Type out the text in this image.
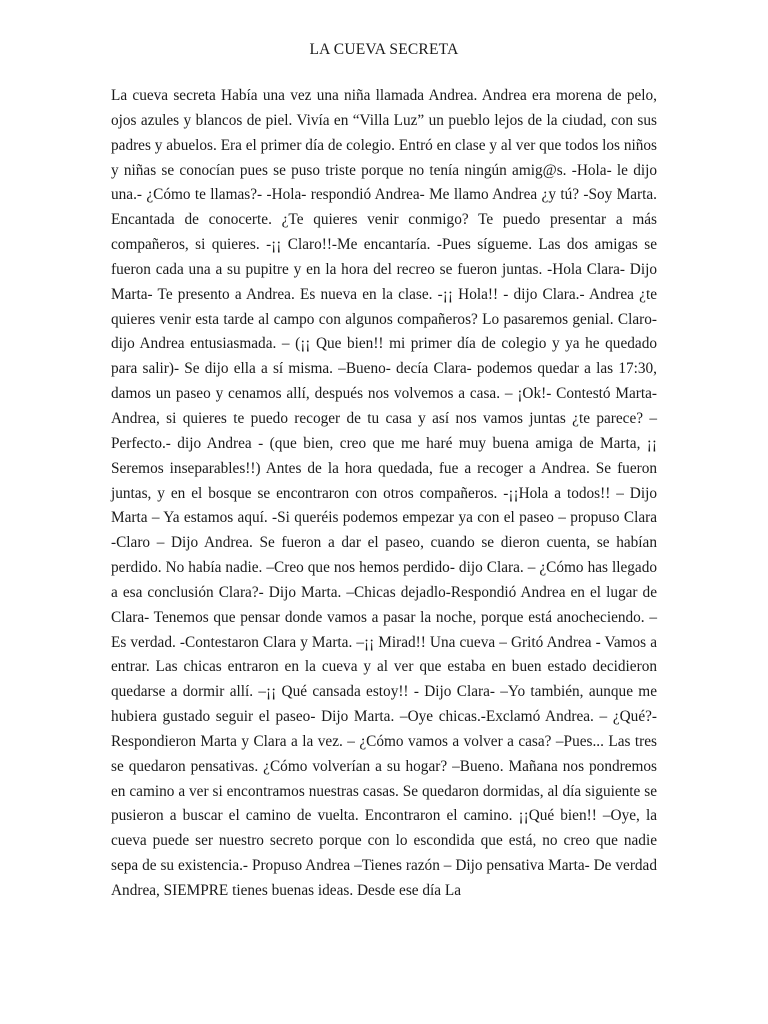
LA CUEVA SECRETA

La cueva secreta Había una vez una niña llamada Andrea. Andrea era morena de pelo, ojos azules y blancos de piel. Vivía en “Villa Luz” un pueblo lejos de la ciudad, con sus padres y abuelos. Era el primer día de colegio. Entró en clase y al ver que todos los niños y niñas se conocían pues se puso triste porque no tenía ningún amig@s. -Hola- le dijo una.- ¿Cómo te llamas?- -Hola- respondió Andrea- Me llamo Andrea ¿y tú? -Soy Marta. Encantada de conocerte. ¿Te quieres venir conmigo? Te puedo presentar a más compañeros, si quieres. -¡¡ Claro!!-Me encantaría. -Pues sígueme. Las dos amigas se fueron cada una a su pupitre y en la hora del recreo se fueron juntas. -Hola Clara- Dijo Marta- Te presento a Andrea. Es nueva en la clase. -¡¡ Hola!! - dijo Clara.- Andrea ¿te quieres venir esta tarde al campo con algunos compañeros? Lo pasaremos genial. Claro- dijo Andrea entusiasmada. – (¡¡ Que bien!! mi primer día de colegio y ya he quedado para salir)- Se dijo ella a sí misma. –Bueno- decía Clara- podemos quedar a las 17:30, damos un paseo y cenamos allí, después nos volvemos a casa. – ¡Ok!- Contestó Marta- Andrea, si quieres te puedo recoger de tu casa y así nos vamos juntas ¿te parece? – Perfecto.- dijo Andrea - (que bien, creo que me haré muy buena amiga de Marta, ¡¡ Seremos inseparables!!) Antes de la hora quedada, fue a recoger a Andrea. Se fueron juntas, y en el bosque se encontraron con otros compañeros. -¡¡Hola a todos!! – Dijo Marta – Ya estamos aquí. -Si queréis podemos empezar ya con el paseo – propuso Clara -Claro – Dijo Andrea. Se fueron a dar el paseo, cuando se dieron cuenta, se habían perdido. No había nadie. –Creo que nos hemos perdido- dijo Clara. – ¿Cómo has llegado a esa conclusión Clara?- Dijo Marta. –Chicas dejadlo-Respondió Andrea en el lugar de Clara- Tenemos que pensar donde vamos a pasar la noche, porque está anocheciendo. –Es verdad. -Contestaron Clara y Marta. –¡¡ Mirad!! Una cueva – Gritó Andrea - Vamos a entrar. Las chicas entraron en la cueva y al ver que estaba en buen estado decidieron quedarse a dormir allí. –¡¡ Qué cansada estoy!! - Dijo Clara- –Yo también, aunque me hubiera gustado seguir el paseo- Dijo Marta. –Oye chicas.-Exclamó Andrea. – ¿Qué?- Respondieron Marta y Clara a la vez. – ¿Cómo vamos a volver a casa? –Pues... Las tres se quedaron pensativas. ¿Cómo volverían a su hogar? –Bueno. Mañana nos pondremos en camino a ver si encontramos nuestras casas. Se quedaron dormidas, al día siguiente se pusieron a buscar el camino de vuelta. Encontraron el camino. ¡¡Qué bien!! –Oye, la cueva puede ser nuestro secreto porque con lo escondida que está, no creo que nadie sepa de su existencia.- Propuso Andrea –Tienes razón – Dijo pensativa Marta- De verdad Andrea, SIEMPRE tienes buenas ideas. Desde ese día La
